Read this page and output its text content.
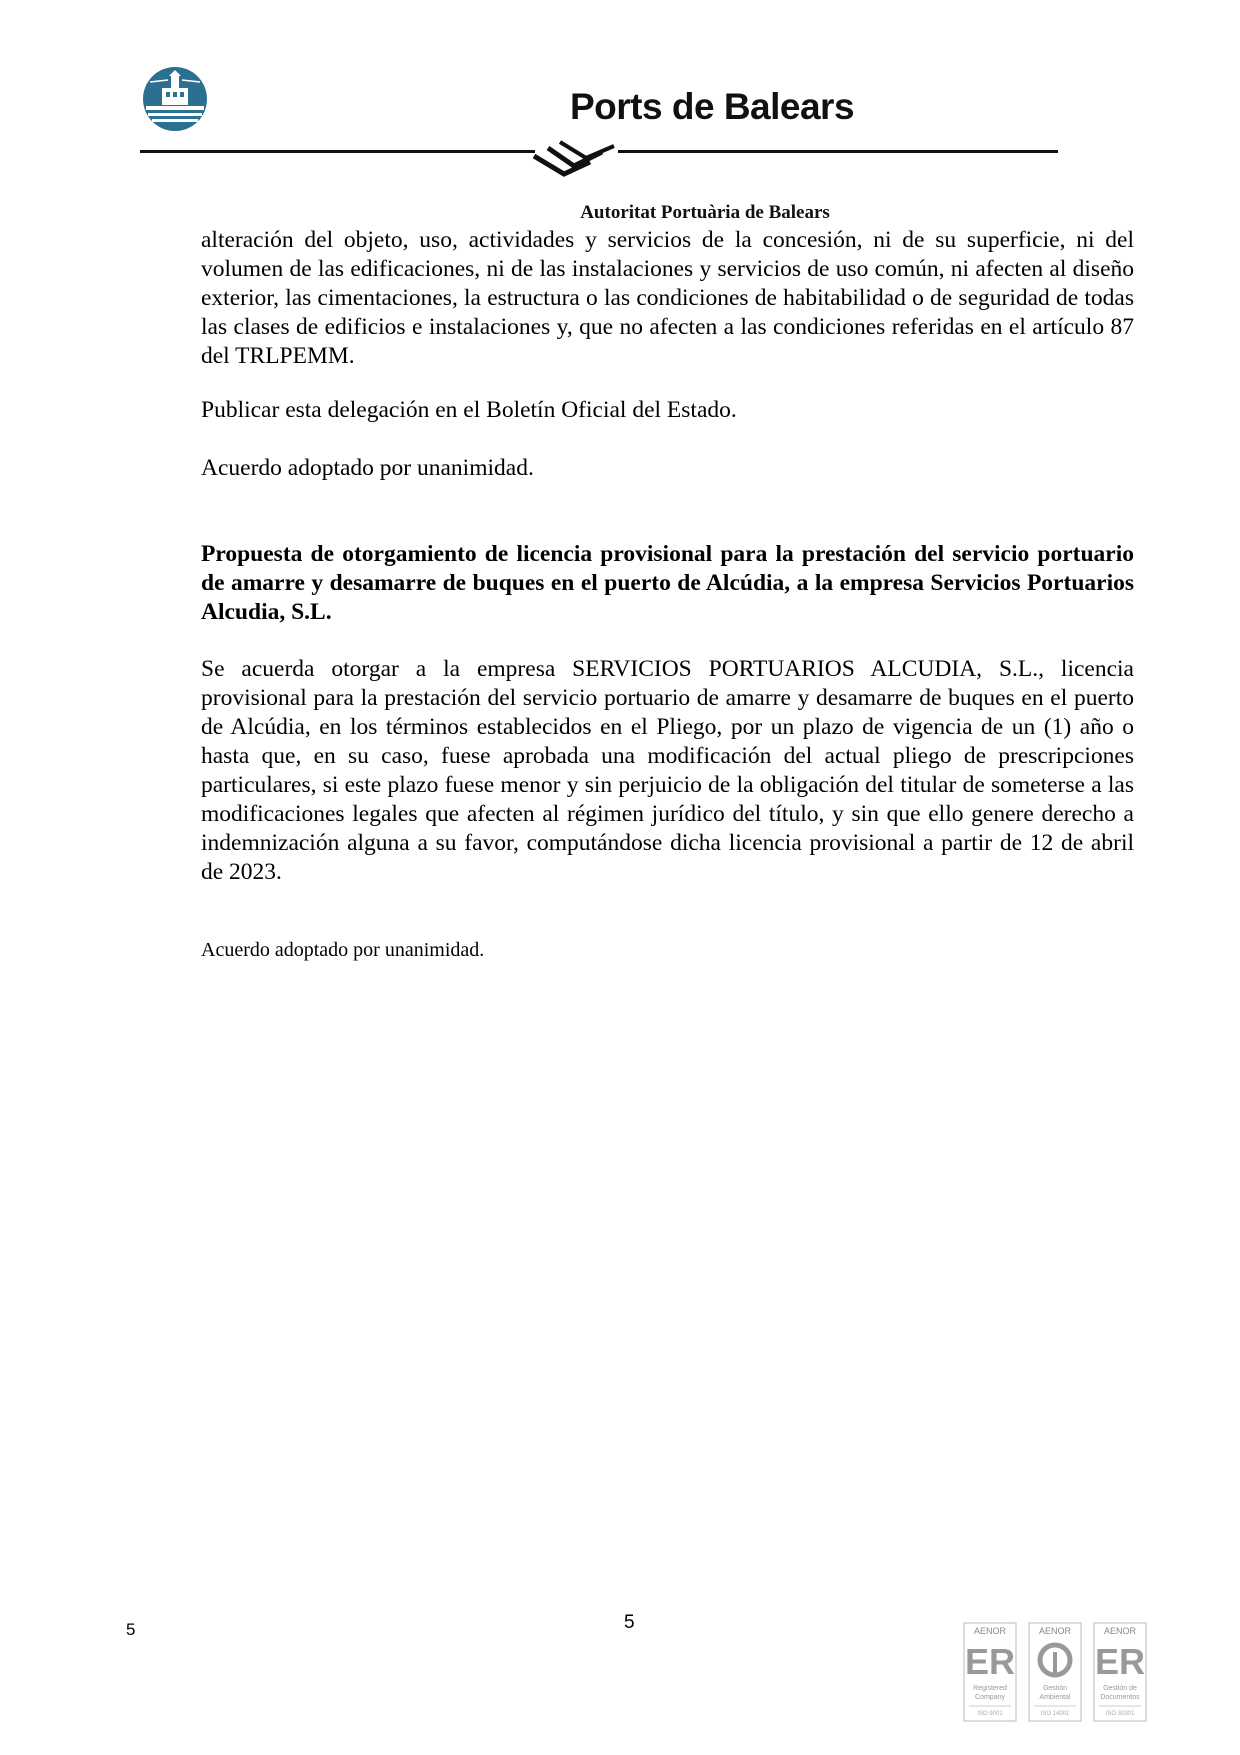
Ports de Balears
Autoritat Portuària de Balears

alteración del objeto, uso, actividades y servicios de la concesión, ni de su superficie, ni del volumen de las edificaciones, ni de las instalaciones y servicios de uso común, ni afecten al diseño exterior, las cimentaciones, la estructura o las condiciones de habitabilidad o de seguridad de todas las clases de edificios e instalaciones y, que no afecten a las condiciones referidas en el artículo 87 del TRLPEMM.

Publicar esta delegación en el Boletín Oficial del Estado.

Acuerdo adoptado por unanimidad.

Propuesta de otorgamiento de licencia provisional para la prestación del servicio portuario de amarre y desamarre de buques en el puerto de Alcúdia, a la empresa Servicios Portuarios Alcudia, S.L.

Se acuerda otorgar a la empresa SERVICIOS PORTUARIOS ALCUDIA, S.L., licencia provisional para la prestación del servicio portuario de amarre y desamarre de buques en el puerto de Alcúdia, en los términos establecidos en el Pliego, por un plazo de vigencia de un (1) año o hasta que, en su caso, fuese aprobada una modificación del actual pliego de prescripciones particulares, si este plazo fuese menor y sin perjuicio de la obligación del titular de someterse a las modificaciones legales que afecten al régimen jurídico del título, y sin que ello genere derecho a indemnización alguna a su favor, computándose dicha licencia provisional a partir de 12 de abril de 2023.

Acuerdo adoptado por unanimidad.

5	5	AENOR
ER
Registered
Company
ISO 9001
AENOR
Gestión
Ambiental
ISO 14001
AENOR
ER
Gestión de
Documentos
ISO 30301
